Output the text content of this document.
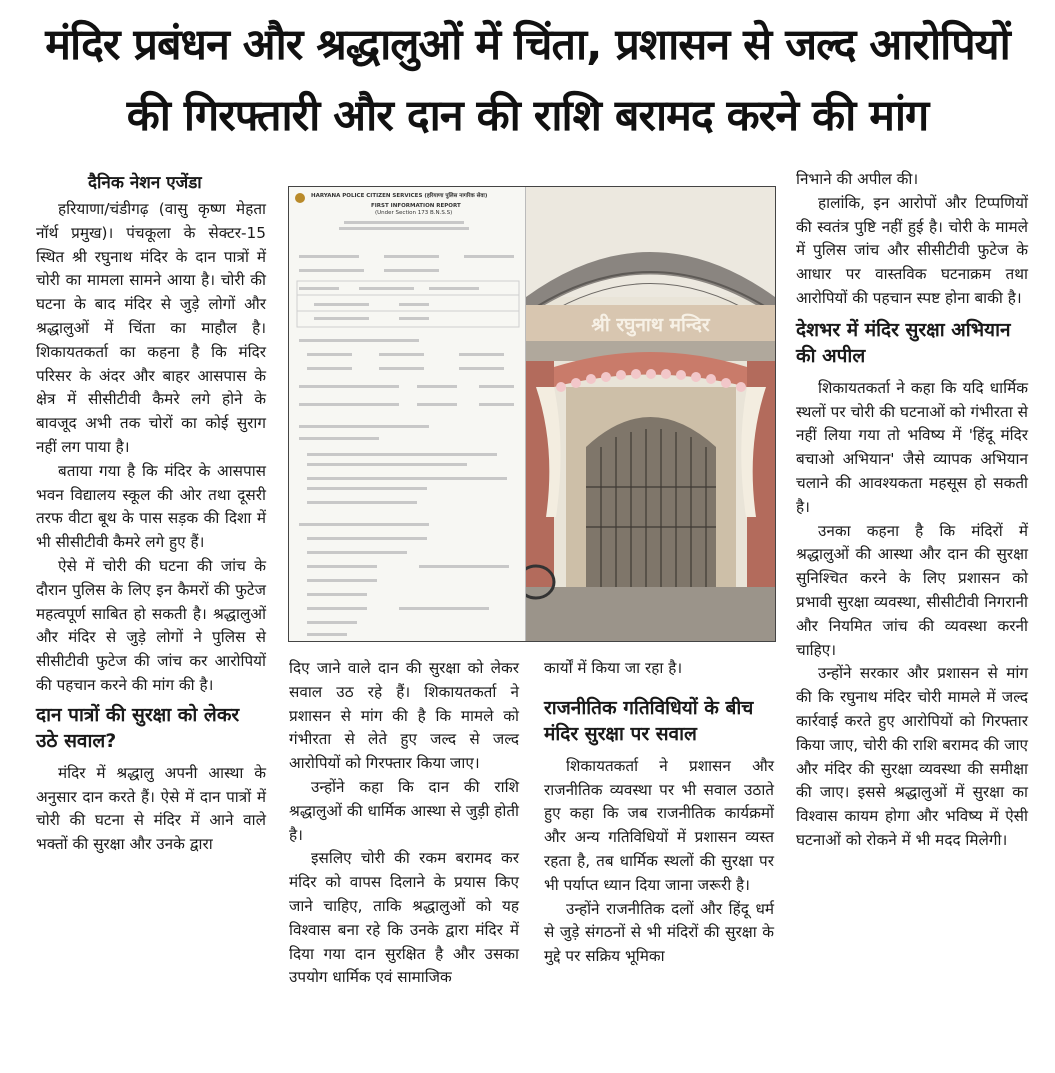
मंदिर प्रबंधन और श्रद्धालुओं में चिंता, प्रशासन से जल्द आरोपियों
की गिरफ्तारी और दान की राशि बरामद करने की मांग
दैनिक नेशन एजेंडा

हरियाणा/चंडीगढ़ (वासु कृष्ण मेहता नॉर्थ प्रमुख)। पंचकूला के सेक्टर-15 स्थित श्री रघुनाथ मंदिर के दान पात्रों में चोरी का मामला सामने आया है। चोरी की घटना के बाद मंदिर से जुड़े लोगों और श्रद्धालुओं में चिंता का माहौल है। शिकायतकर्ता का कहना है कि मंदिर परिसर के अंदर और बाहर आसपास के क्षेत्र में सीसीटीवी कैमरे लगे होने के बावजूद अभी तक चोरों का कोई सुराग नहीं लग पाया है।

बताया गया है कि मंदिर के आसपास भवन विद्यालय स्कूल की ओर तथा दूसरी तरफ वीटा बूथ के पास सड़क की दिशा में भी सीसीटीवी कैमरे लगे हुए हैं।

ऐसे में चोरी की घटना की जांच के दौरान पुलिस के लिए इन कैमरों की फुटेज महत्वपूर्ण साबित हो सकती है। श्रद्धालुओं और मंदिर से जुड़े लोगों ने पुलिस से सीसीटीवी फुटेज की जांच कर आरोपियों की पहचान करने की मांग की है।

दान पात्रों की सुरक्षा को लेकर उठे सवाल?

मंदिर में श्रद्धालु अपनी आस्था के अनुसार दान करते हैं। ऐसे में दान पात्रों में चोरी की घटना से मंदिर में आने वाले भक्तों की सुरक्षा और उनके द्वारा

HARYANA POLICE CITIZEN SERVICES (हरियाणा पुलिस नागरिक सेवा)
FIRST INFORMATION REPORT
(Under Section 173 B.N.S.S)
श्री रघुनाथ मन्दिर

दिए जाने वाले दान की सुरक्षा को लेकर सवाल उठ रहे हैं। शिकायतकर्ता ने प्रशासन से मांग की है कि मामले को गंभीरता से लेते हुए जल्द से जल्द आरोपियों को गिरफ्तार किया जाए।

उन्होंने कहा कि दान की राशि श्रद्धालुओं की धार्मिक आस्था से जुड़ी होती है।

इसलिए चोरी की रकम बरामद कर मंदिर को वापस दिलाने के प्रयास किए जाने चाहिए, ताकि श्रद्धालुओं को यह विश्वास बना रहे कि उनके द्वारा मंदिर में दिया गया दान सुरक्षित है और उसका उपयोग धार्मिक एवं सामाजिक

कार्यों में किया जा रहा है।

राजनीतिक गतिविधियों के बीच मंदिर सुरक्षा पर सवाल

शिकायतकर्ता ने प्रशासन और राजनीतिक व्यवस्था पर भी सवाल उठाते हुए कहा कि जब राजनीतिक कार्यक्रमों और अन्य गतिविधियों में प्रशासन व्यस्त रहता है, तब धार्मिक स्थलों की सुरक्षा पर भी पर्याप्त ध्यान दिया जाना जरूरी है।

उन्होंने राजनीतिक दलों और हिंदू धर्म से जुड़े संगठनों से भी मंदिरों की सुरक्षा के मुद्दे पर सक्रिय भूमिका

निभाने की अपील की।

हालांकि, इन आरोपों और टिप्पणियों की स्वतंत्र पुष्टि नहीं हुई है। चोरी के मामले में पुलिस जांच और सीसीटीवी फुटेज के आधार पर वास्तविक घटनाक्रम तथा आरोपियों की पहचान स्पष्ट होना बाकी है।

देशभर में मंदिर सुरक्षा अभियान की अपील

शिकायतकर्ता ने कहा कि यदि धार्मिक स्थलों पर चोरी की घटनाओं को गंभीरता से नहीं लिया गया तो भविष्य में 'हिंदू मंदिर बचाओ अभियान' जैसे व्यापक अभियान चलाने की आवश्यकता महसूस हो सकती है।

उनका कहना है कि मंदिरों में श्रद्धालुओं की आस्था और दान की सुरक्षा सुनिश्चित करने के लिए प्रशासन को प्रभावी सुरक्षा व्यवस्था, सीसीटीवी निगरानी और नियमित जांच की व्यवस्था करनी चाहिए।

उन्होंने सरकार और प्रशासन से मांग की कि रघुनाथ मंदिर चोरी मामले में जल्द कार्रवाई करते हुए आरोपियों को गिरफ्तार किया जाए, चोरी की राशि बरामद की जाए और मंदिर की सुरक्षा व्यवस्था की समीक्षा की जाए। इससे श्रद्धालुओं में सुरक्षा का विश्वास कायम होगा और भविष्य में ऐसी घटनाओं को रोकने में भी मदद मिलेगी।
